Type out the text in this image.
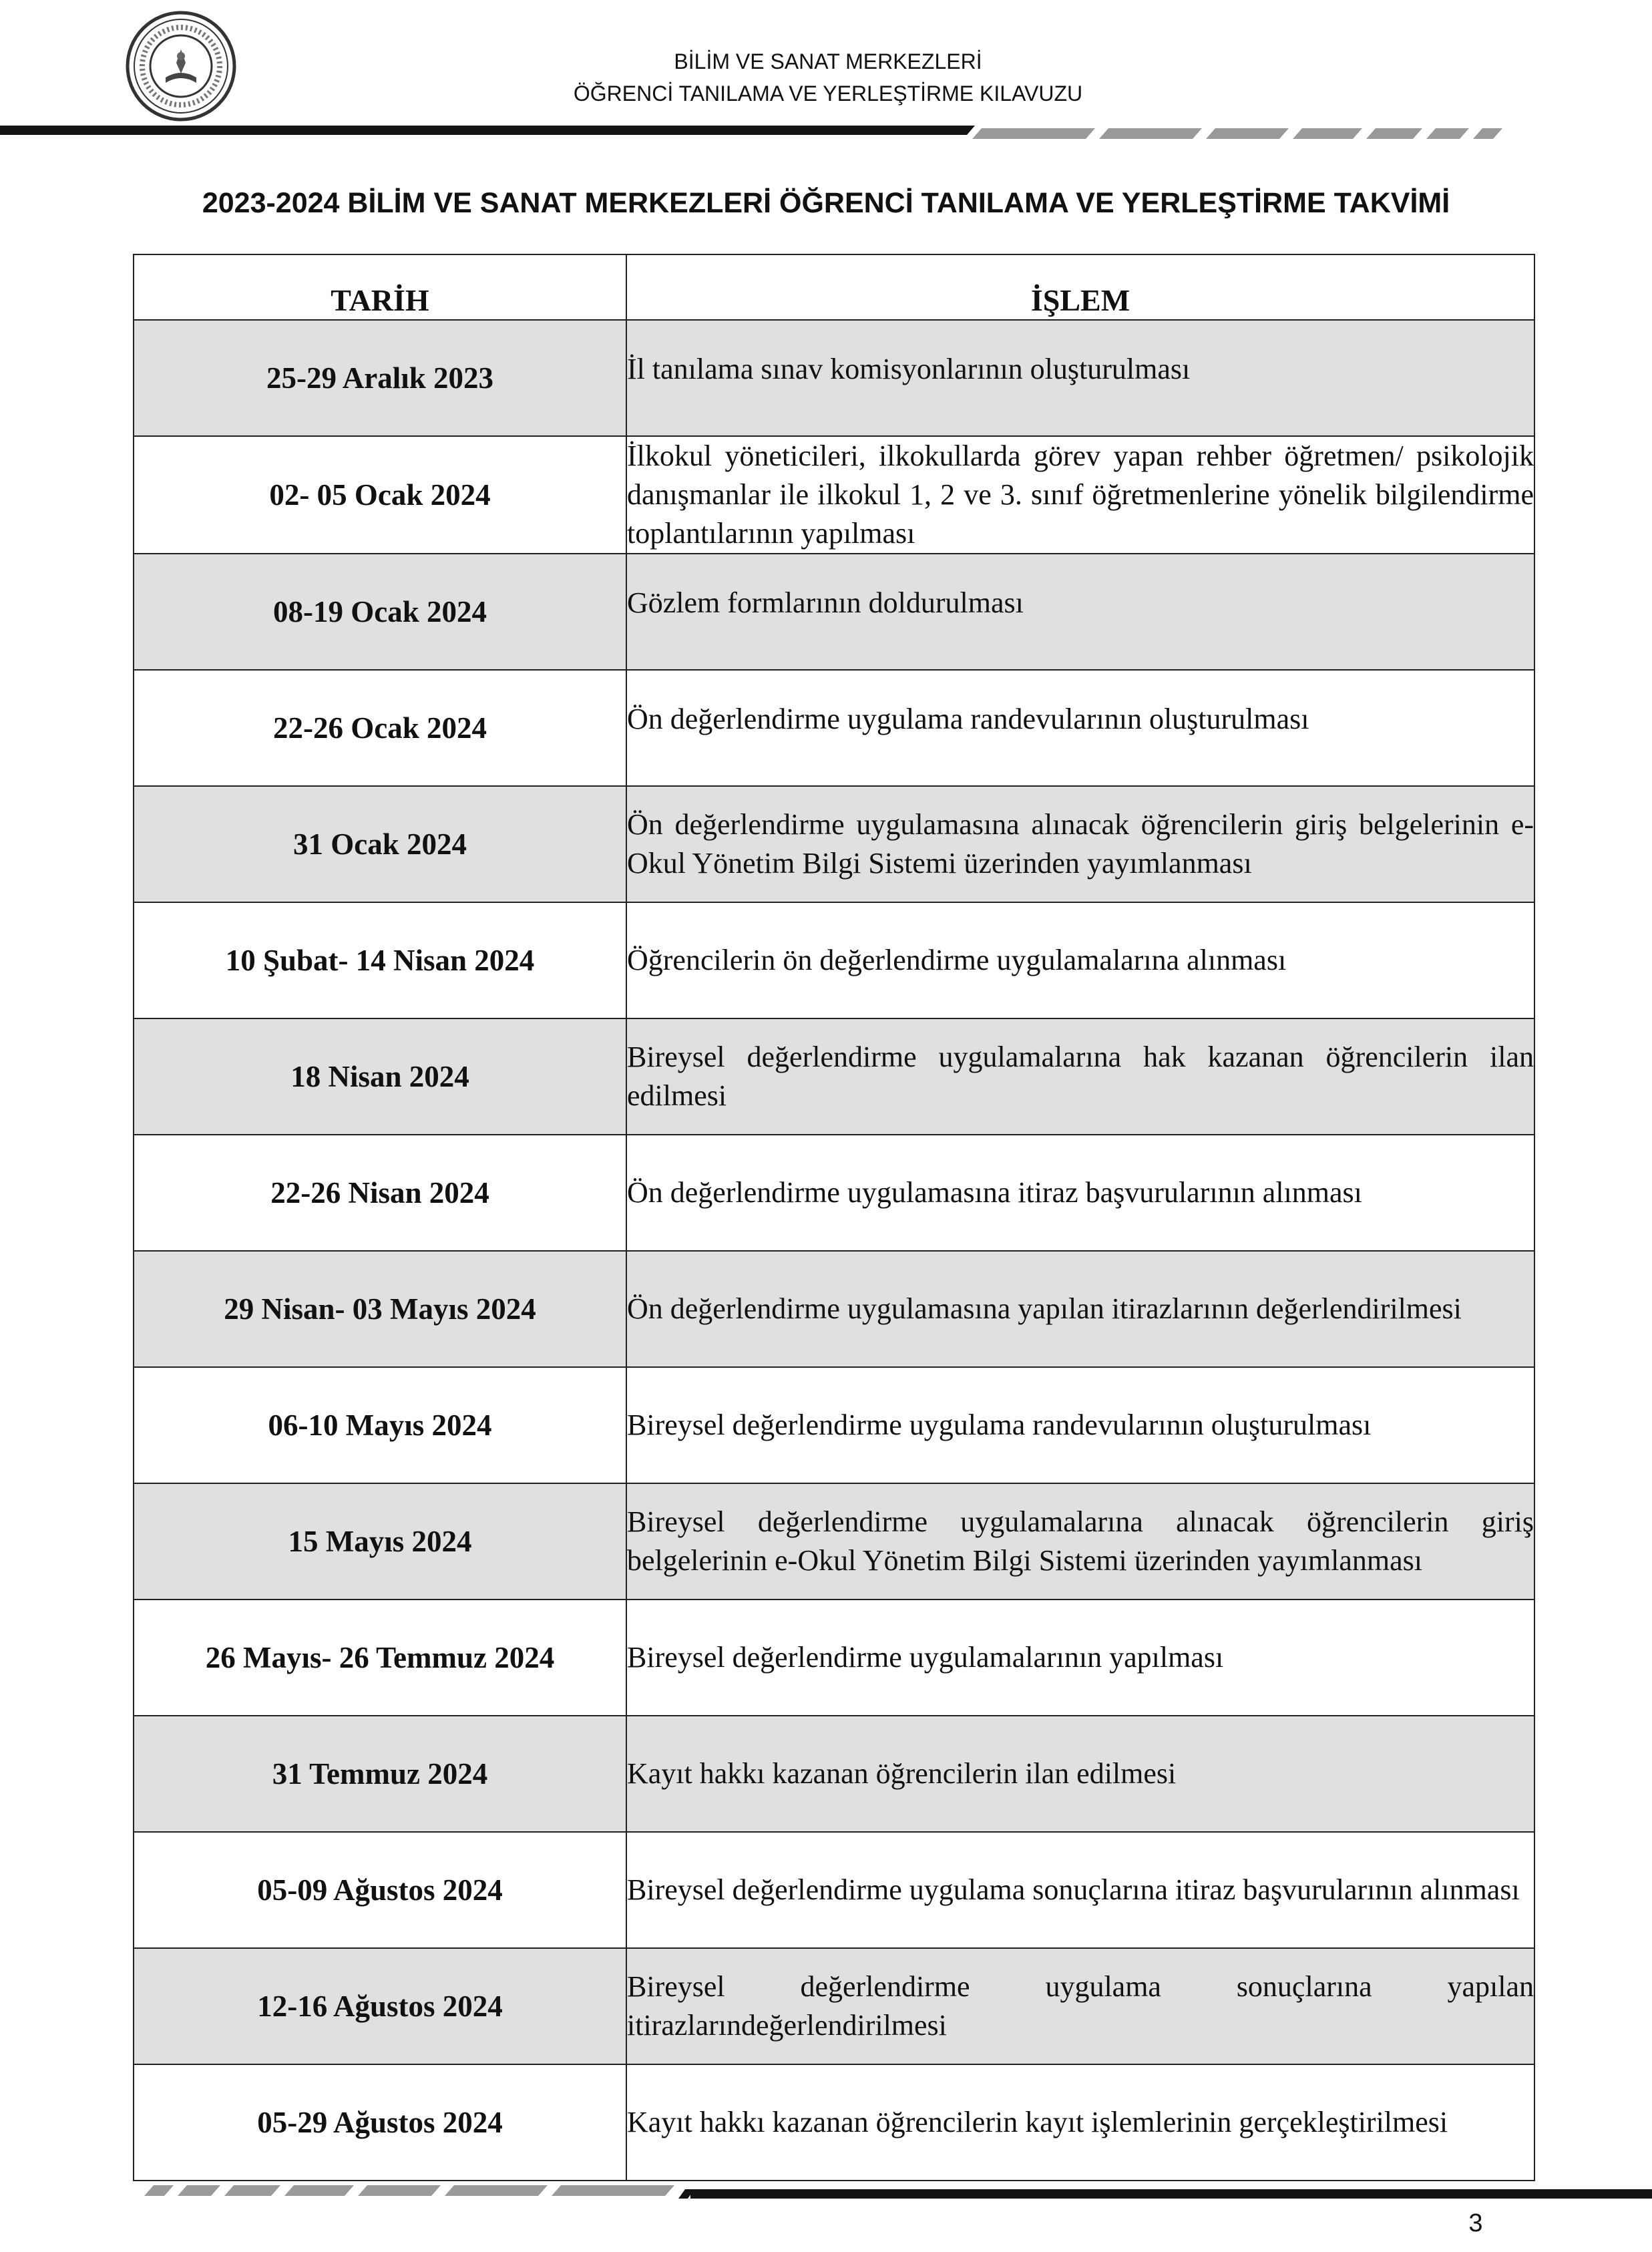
BİLİM VE SANAT MERKEZLERİ
ÖĞRENCİ TANILAMA VE YERLEŞTİRME KILAVUZU
2023-2024 BİLİM VE SANAT MERKEZLERİ ÖĞRENCİ TANILAMA VE YERLEŞTİRME TAKVİMİ
TARİH	İŞLEM
25-29 Aralık 2023	İl tanılama sınav komisyonlarının oluşturulması
02- 05 Ocak 2024	İlkokul yöneticileri, ilkokullarda görev yapan rehber öğretmen/ psikolojik danışmanlar ile ilkokul 1, 2 ve 3. sınıf öğretmenlerine yönelik bilgilendirme toplantılarının yapılması
08-19 Ocak 2024	Gözlem formlarının doldurulması
22-26 Ocak 2024	Ön değerlendirme uygulama randevularının oluşturulması
31 Ocak 2024	Ön değerlendirme uygulamasına alınacak öğrencilerin giriş belgelerinin e-Okul Yönetim Bilgi Sistemi üzerinden yayımlanması
10 Şubat- 14 Nisan 2024	Öğrencilerin ön değerlendirme uygulamalarına alınması
18 Nisan 2024	Bireysel değerlendirme uygulamalarına hak kazanan öğrencilerin ilan edilmesi
22-26 Nisan 2024	Ön değerlendirme uygulamasına itiraz başvurularının alınması
29 Nisan- 03 Mayıs 2024	Ön değerlendirme uygulamasına yapılan itirazlarının değerlendirilmesi
06-10 Mayıs 2024	Bireysel değerlendirme uygulama randevularının oluşturulması
15 Mayıs 2024	Bireysel değerlendirme uygulamalarına alınacak öğrencilerin giriş belgelerinin e-Okul Yönetim Bilgi Sistemi üzerinden yayımlanması
26 Mayıs- 26 Temmuz 2024	Bireysel değerlendirme uygulamalarının yapılması
31 Temmuz 2024	Kayıt hakkı kazanan öğrencilerin ilan edilmesi
05-09 Ağustos 2024	Bireysel değerlendirme uygulama sonuçlarına itiraz başvurularının alınması
12-16 Ağustos 2024	Bireysel değerlendirme uygulama sonuçlarına yapılan itirazlarındeğerlendirilmesi
05-29 Ağustos 2024	Kayıt hakkı kazanan öğrencilerin kayıt işlemlerinin gerçekleştirilmesi
3
